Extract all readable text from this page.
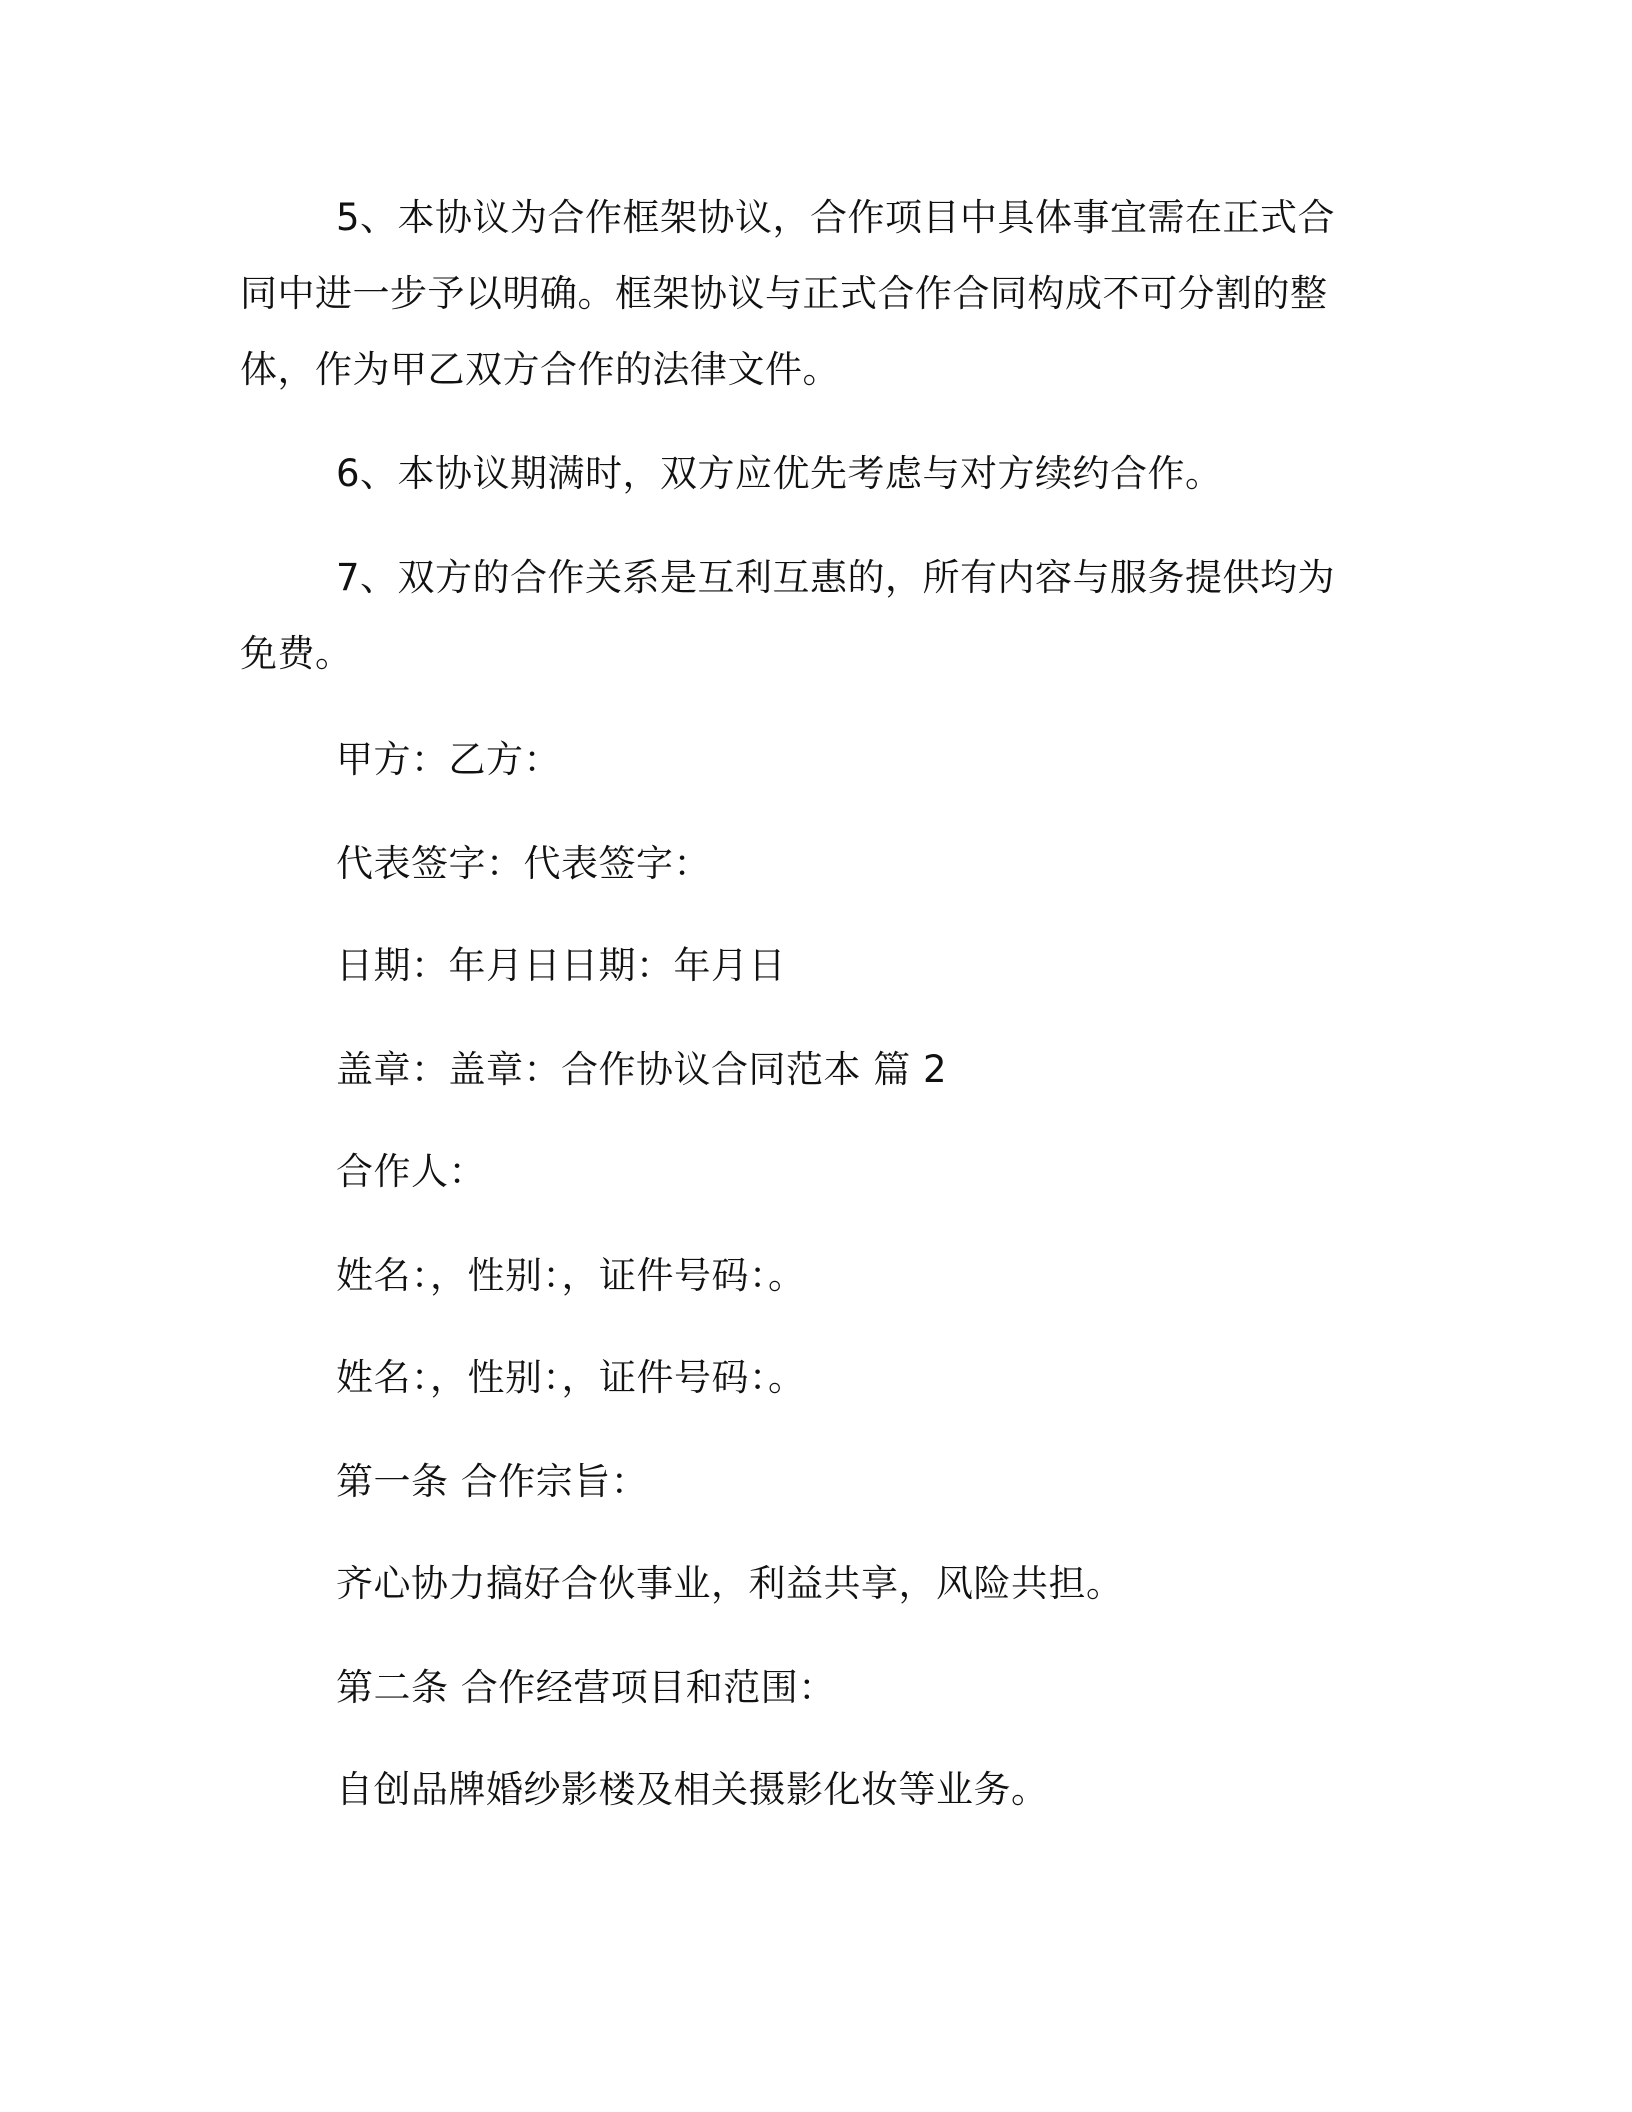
5、本协议为合作框架协议，合作项目中具体事宜需在正式合同中进一步予以明确。框架协议与正式合作合同构成不可分割的整体，作为甲乙双方合作的法律文件。

6、本协议期满时，双方应优先考虑与对方续约合作。

7、双方的合作关系是互利互惠的，所有内容与服务提供均为免费。

甲方：乙方：

代表签字：代表签字：

日期：年月日日期：年月日

盖章：盖章：合作协议合同范本 篇 2

合作人：

姓名：，性别：，证件号码：。

姓名：，性别：，证件号码：。

第一条 合作宗旨：

齐心协力搞好合伙事业，利益共享，风险共担。

第二条 合作经营项目和范围：

自创品牌婚纱影楼及相关摄影化妆等业务。
